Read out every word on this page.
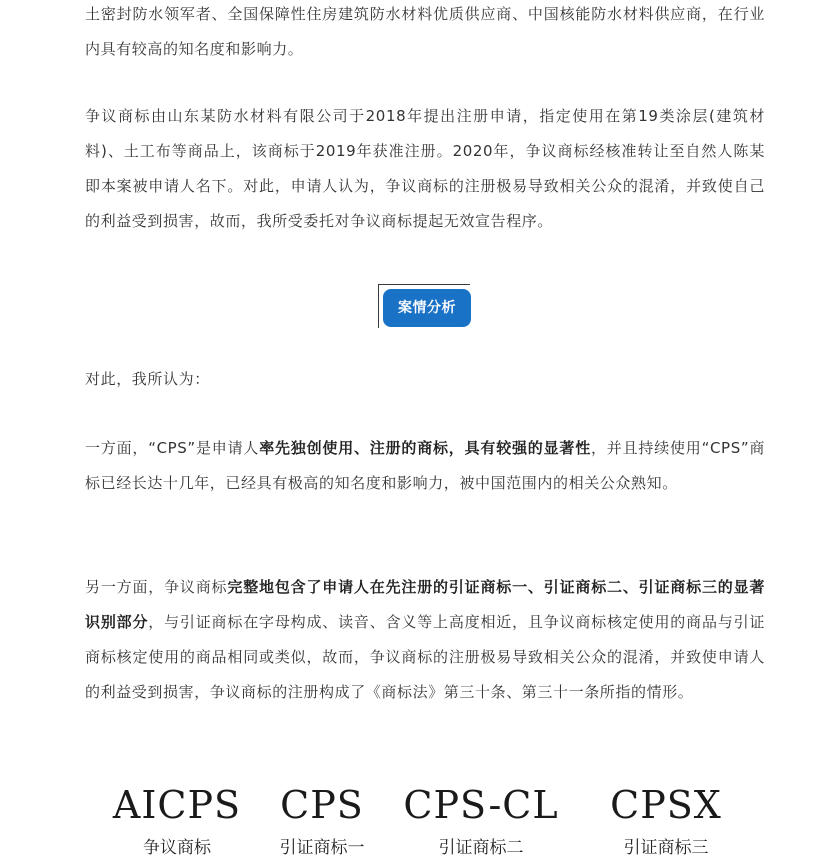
土密封防水领军者、全国保障性住房建筑防水材料优质供应商、中国核能防水材料供应商，在行业内具有较高的知名度和影响力。

争议商标由山东某防水材料有限公司于2018年提出注册申请，指定使用在第19类涂层(建筑材料)、土工布等商品上，该商标于2019年获准注册。2020年，争议商标经核准转让至自然人陈某即本案被申请人名下。对此，申请人认为，争议商标的注册极易导致相关公众的混淆，并致使自己的利益受到损害，故而，我所受委托对争议商标提起无效宣告程序。

对此，我所认为：

一方面，“CPS”是申请人率先独创使用、注册的商标，具有较强的显著性，并且持续使用“CPS”商标已经长达十几年，已经具有极高的知名度和影响力，被中国范围内的相关公众熟知。

另一方面，争议商标完整地包含了申请人在先注册的引证商标一、引证商标二、引证商标三的显著识别部分，与引证商标在字母构成、读音、含义等上高度相近，且争议商标核定使用的商品与引证商标核定使用的商品相同或类似，故而，争议商标的注册极易导致相关公众的混淆，并致使申请人的利益受到损害，争议商标的注册构成了《商标法》第三十条、第三十一条所指的情形。

案情分析
AICPS
争议商标
CPS
引证商标一
CPS-CL
引证商标二
CPSX
引证商标三
